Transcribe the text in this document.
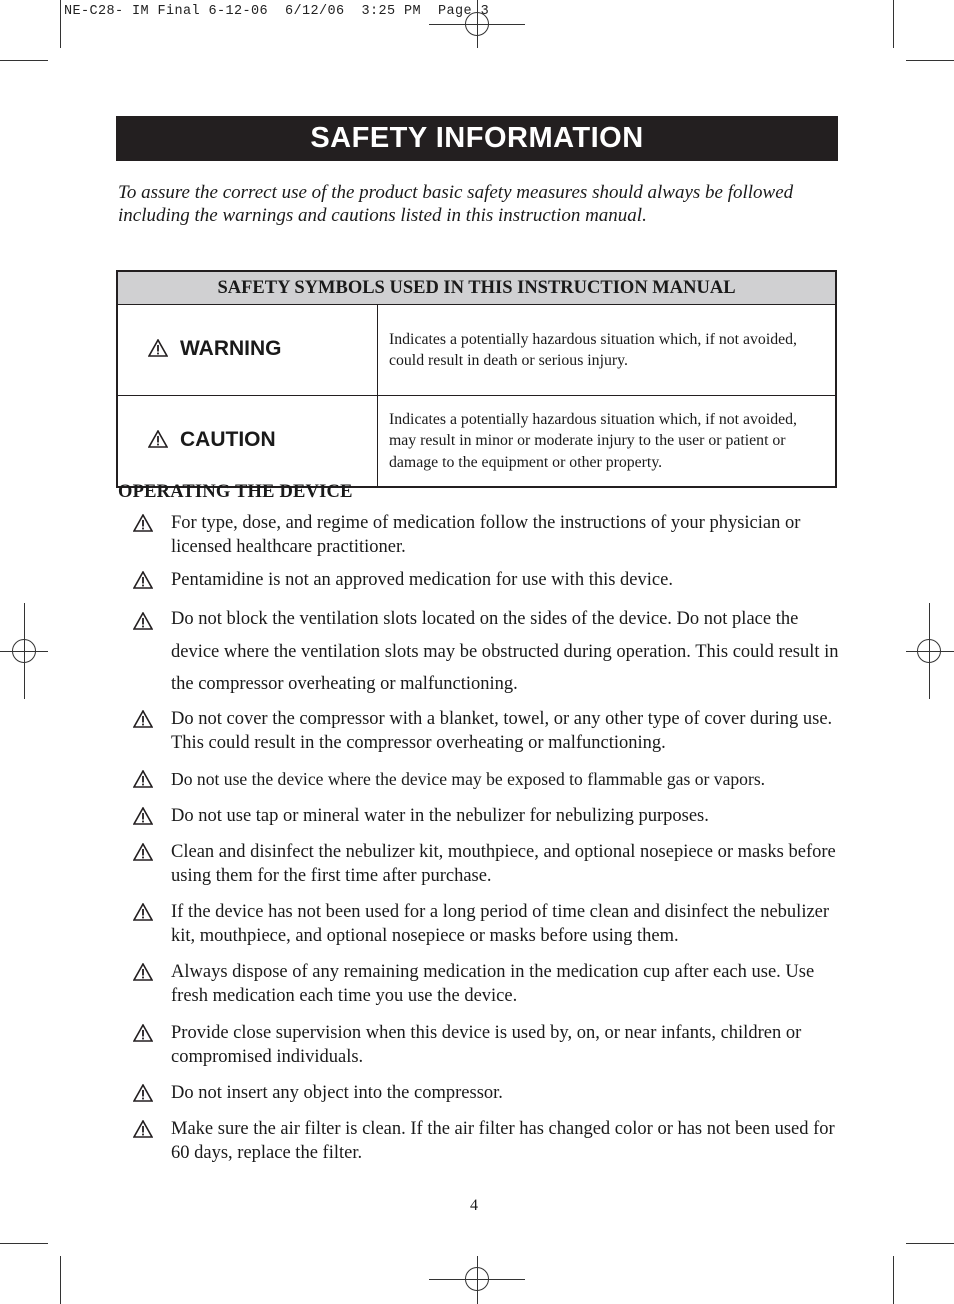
NE-C28- IM Final 6-12-06  6/12/06  3:25 PM  Page 3
SAFETY INFORMATION
To assure the correct use of the product basic safety measures should always be followed including the warnings and cautions listed in this instruction manual.
SAFETY SYMBOLS USED IN THIS INSTRUCTION MANUAL	
WARNING	Indicates a potentially hazardous situation which, if not avoided, could result in death or serious injury.
CAUTION	Indicates a potentially hazardous situation which, if not avoided, may result in minor or moderate injury to the user or patient or damage to the equipment or other property.
OPERATING THE DEVICE
For type, dose, and regime of medication follow the instructions of your physician or licensed healthcare practitioner.
Pentamidine is not an approved medication for use with this device.
Do not block the ventilation slots located on the sides of the device. Do not place the device where the ventilation slots may be obstructed during operation. This could result in the compressor overheating or malfunctioning.
Do not cover the compressor with a blanket, towel, or any other type of cover during use. This could result in the compressor overheating or malfunctioning.
Do not use the device where the device may be exposed to flammable gas or vapors.
Do not use tap or mineral water in the nebulizer for nebulizing purposes.
Clean and disinfect the nebulizer kit, mouthpiece, and optional nosepiece or masks before using them for the first time after purchase.
If the device has not been used for a long period of time clean and disinfect the nebulizer kit, mouthpiece, and optional nosepiece or masks before using them.
Always dispose of any remaining medication in the medication cup after each use. Use fresh medication each time you use the device.
Provide close supervision when this device is used by, on, or near infants, children or compromised individuals.
Do not insert any object into the compressor.
Make sure the air filter is clean. If the air filter has changed color or has not been used for 60 days, replace the filter.
4
